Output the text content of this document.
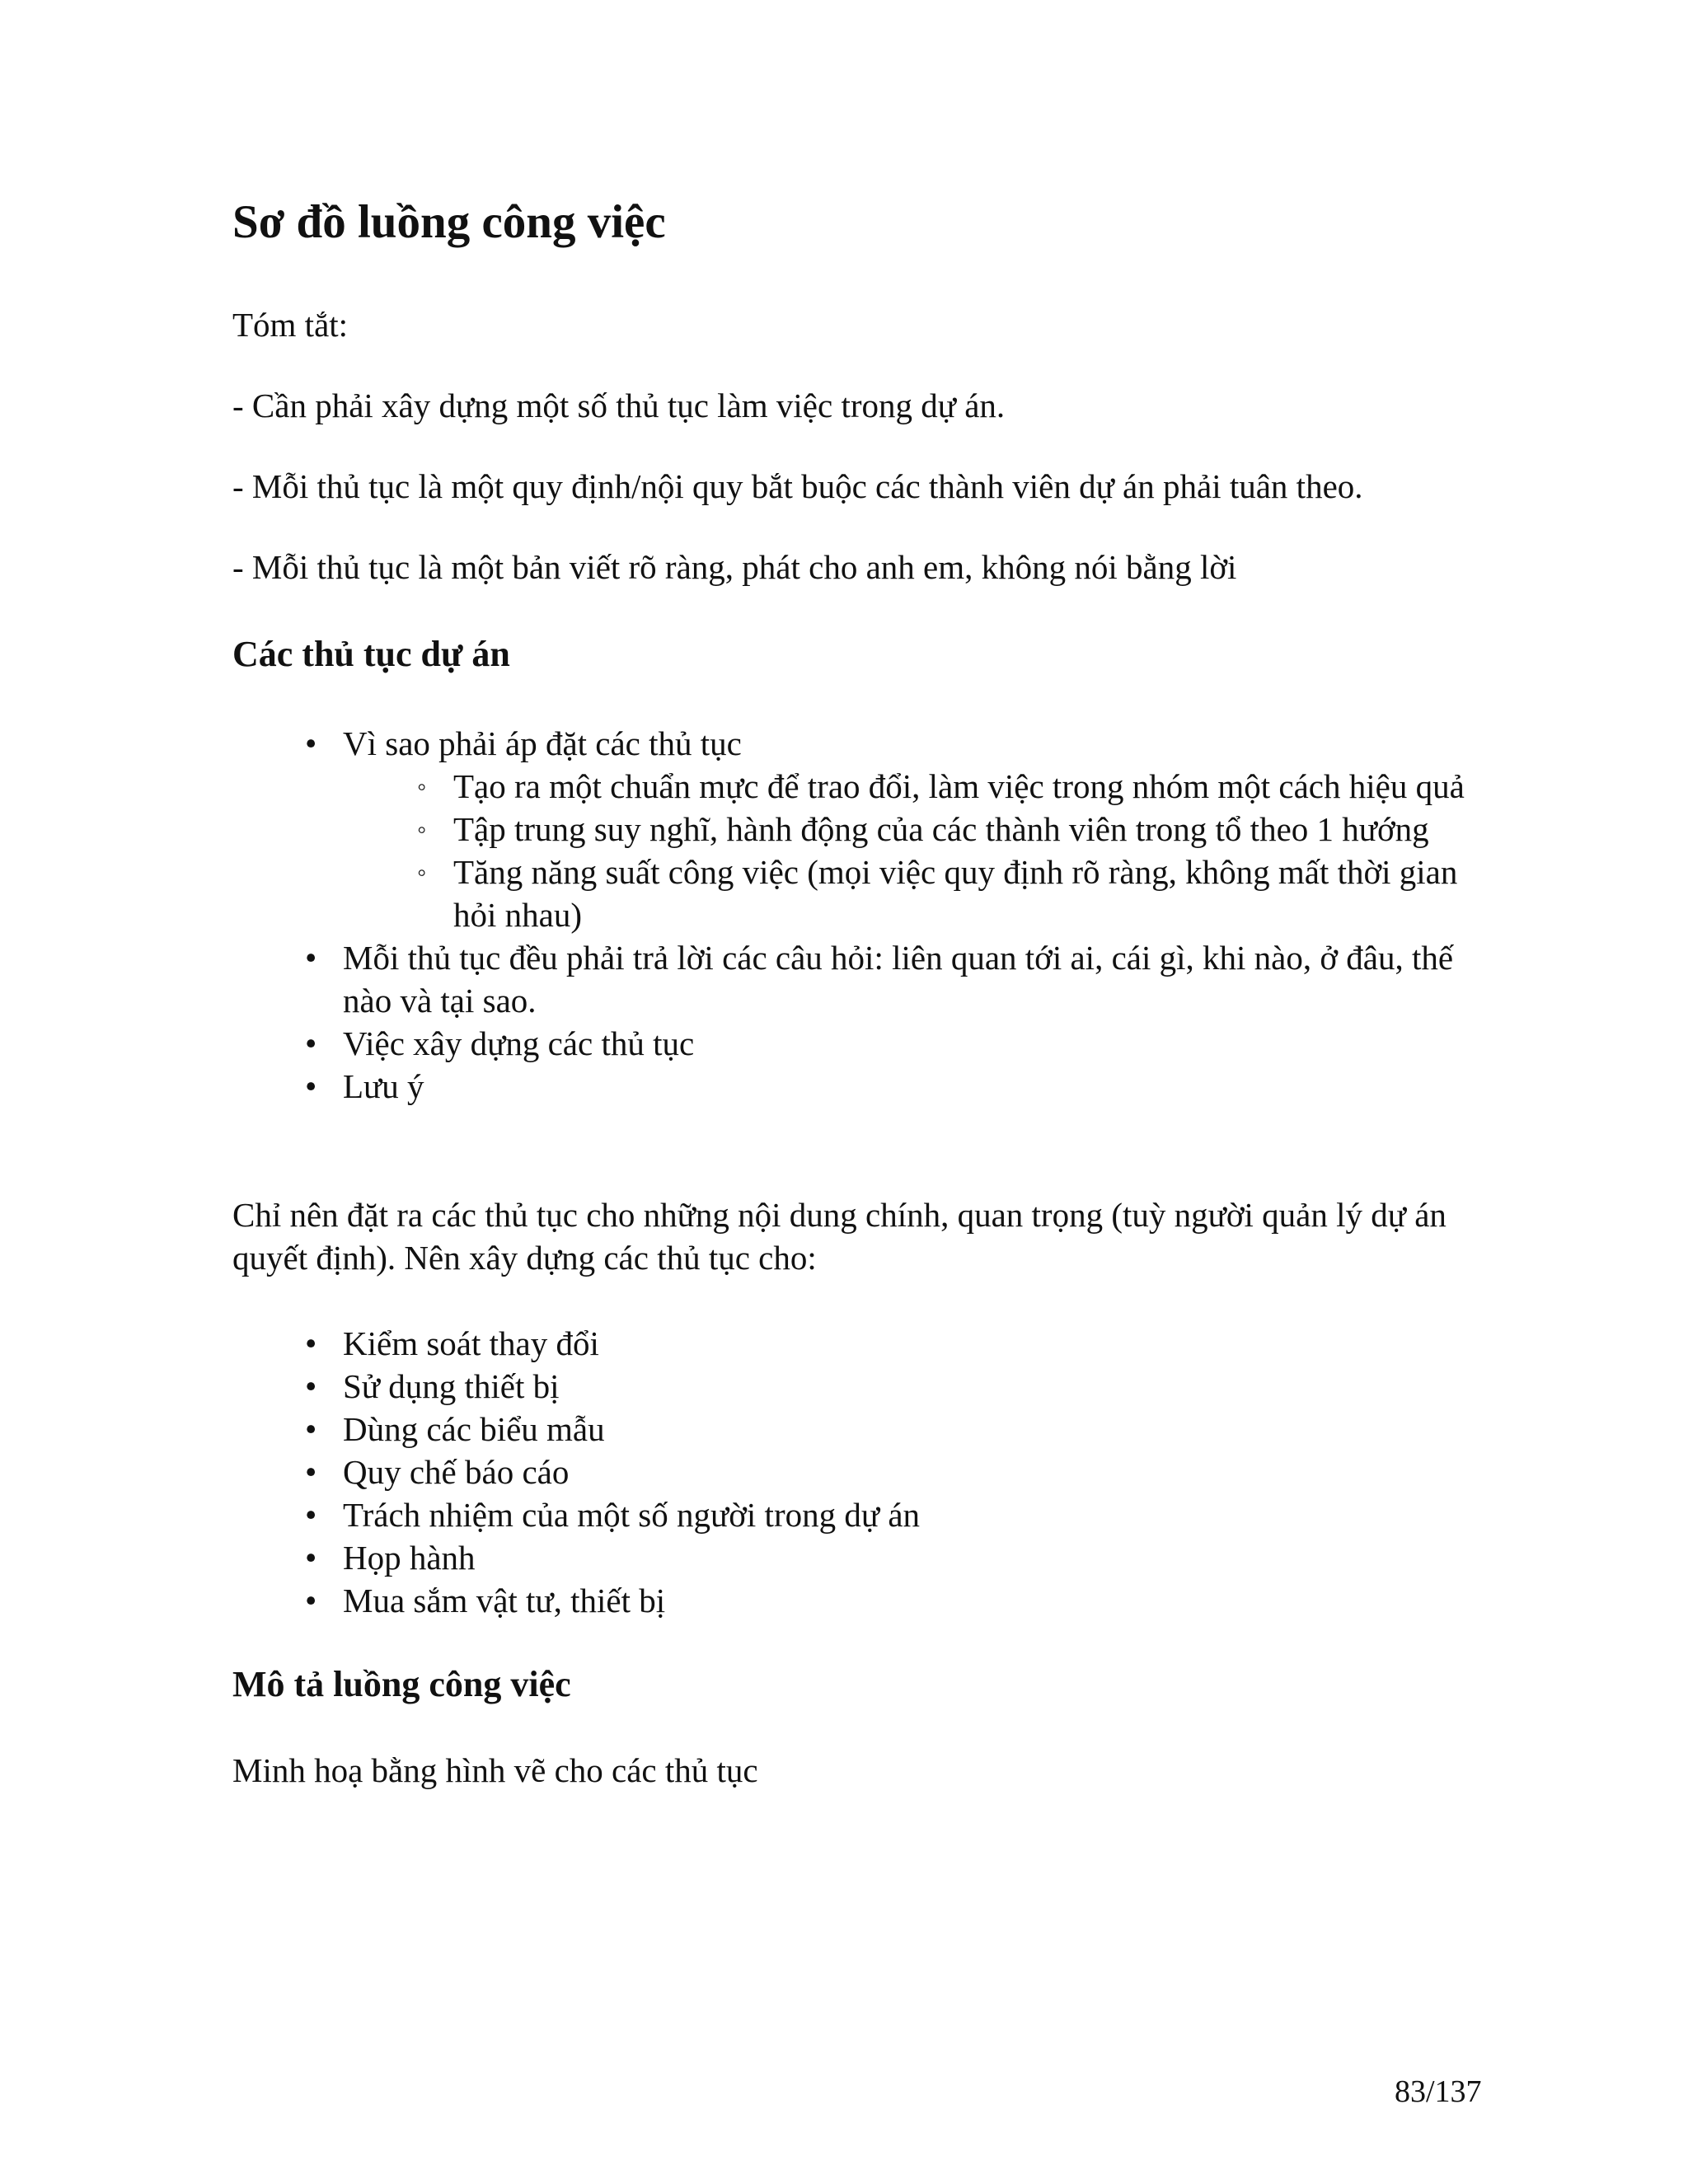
Sơ đồ luồng công việc

Tóm tắt:

- Cần phải xây dựng một số thủ tục làm việc trong dự án.

- Mỗi thủ tục là một quy định/nội quy bắt buộc các thành viên dự án phải tuân theo.

- Mỗi thủ tục là một bản viết rõ ràng, phát cho anh em, không nói bằng lời

Các thủ tục dự án
• Vì sao phải áp đặt các thủ tục
◦ Tạo ra một chuẩn mực để trao đổi, làm việc trong nhóm một cách hiệu quả
◦ Tập trung suy nghĩ, hành động của các thành viên trong tổ theo 1 hướng
◦ Tăng năng suất công việc (mọi việc quy định rõ ràng, không mất thời gian hỏi nhau)
• Mỗi thủ tục đều phải trả lời các câu hỏi: liên quan tới ai, cái gì, khi nào, ở đâu, thế nào và tại sao.
• Việc xây dựng các thủ tục
• Lưu ý

Chỉ nên đặt ra các thủ tục cho những nội dung chính, quan trọng (tuỳ người quản lý dự án quyết định). Nên xây dựng các thủ tục cho:

• Kiểm soát thay đổi
• Sử dụng thiết bị
• Dùng các biểu mẫu
• Quy chế báo cáo
• Trách nhiệm của một số người trong dự án
• Họp hành
• Mua sắm vật tư, thiết bị
Mô tả luồng công việc

Minh hoạ bằng hình vẽ cho các thủ tục

83/137
